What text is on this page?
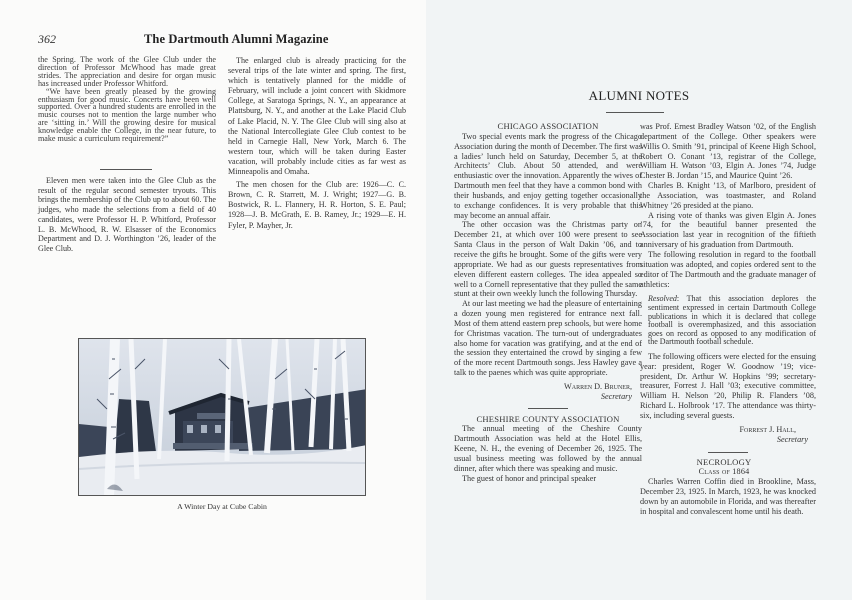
362	The Dartmouth Alumni Magazine

the Spring. The work of the Glee Club under the direction of Professor McWhood has made great strides. The appreciation and desire for organ music has increased under Professor Whitford.

“We have been greatly pleased by the growing enthusiasm for good music. Concerts have been well supported. Over a hundred students are enrolled in the music courses not to mention the large number who are ‘sitting in.’ Will the growing desire for musical knowledge enable the College, in the near future, to make music a curriculum requirement?”

Eleven men were taken into the Glee Club as the result of the regular second semester tryouts. This brings the membership of the Club up to about 60. The judges, who made the selections from a field of 40 candidates, were Professor H. P. Whitford, Professor L. B. McWhood, R. W. Elsasser of the Economics Department and D. J. Worthington ’26, leader of the Glee Club.

The enlarged club is already practicing for the several trips of the late winter and spring. The first, which is tentatively planned for the middle of February, will include a joint concert with Skidmore College, at Saratoga Springs, N. Y., an appearance at Plattsburg, N. Y., and another at the Lake Placid Club of Lake Placid, N. Y. The Glee Club will sing also at the National Intercollegiate Glee Club contest to be held in Carnegie Hall, New York, March 6. The western tour, which will be taken during Easter vacation, will probably include cities as far west as Minneapolis and Omaha.

The men chosen for the Club are: 1926—C. C. Brown, C. R. Starrett, M. J. Wright; 1927—G. B. Bostwick, R. L. Flannery, H. R. Horton, S. E. Paul; 1928—J. B. McGrath, E. B. Ramey, Jr.; 1929—E. H. Fyler, P. Mayher, Jr.

A Winter Day at Cube Cabin
ALUMNI NOTES

CHICAGO ASSOCIATION

Two special events mark the progress of the Chicago Association during the month of December. The first was a ladies’ lunch held on Saturday, December 5, at the Architects’ Club. About 50 attended, and were enthusiastic over the innovation. Apparently the wives of Dartmouth men feel that they have a common bond with their husbands, and enjoy getting together occasionally to exchange confidences. It is very probable that this may become an annual affair.

The other occasion was the Christmas party on December 21, at which over 100 were present to see Santa Claus in the person of Walt Dakin ’06, and to receive the gifts he brought. Some of the gifts were very appropriate. We had as our guests representatives from eleven different eastern colleges. The idea appealed so well to a Cornell representative that they pulled the same stunt at their own weekly lunch the following Thursday.

At our last meeting we had the pleasure of entertaining a dozen young men registered for entrance next fall. Most of them attend eastern prep schools, but were home for Christmas vacation. The turn-out of undergraduates also home for vacation was gratifying, and at the end of the session they entertained the crowd by singing a few of the more recent Dartmouth songs. Jess Hawley gave a talk to the paenes which was quite appropriate.

Warren D. Bruner,

Secretary

CHESHIRE COUNTY ASSOCIATION

The annual meeting of the Cheshire County Dartmouth Association was held at the Hotel Ellis, Keene, N. H., the evening of December 26, 1925. The usual business meeting was followed by the annual dinner, after which there was speaking and music.

The guest of honor and principal speaker

was Prof. Ernest Bradley Watson ’02, of the English department of the College. Other speakers were Willis O. Smith ’91, principal of Keene High School, Robert O. Conant ’13, registrar of the College, William H. Watson ’03, Elgin A. Jones ’74, Judge Chester B. Jordan ’15, and Maurice Quint ’26.

Charles B. Knight ’13, of Marlboro, president of the Association, was toastmaster, and Roland Whitney ’26 presided at the piano.

A rising vote of thanks was given Elgin A. Jones ’74, for the beautiful banner presented the Association last year in recognition of the fiftieth anniversary of his graduation from Dartmouth.

The following resolution in regard to the football situation was adopted, and copies ordered sent to the editor of The Dartmouth and the graduate manager of athletics:

Resolved: That this association deplores the sentiment expressed in certain Dartmouth College publications in which it is declared that college football is overemphasized, and this association goes on record as opposed to any modification of the Dartmouth football schedule.

The following officers were elected for the ensuing year: president, Roger W. Goodnow ’19; vice-president, Dr. Arthur W. Hopkins ’99; secretary-treasurer, Forrest J. Hall ’03; executive committee, William H. Nelson ’20, Philip R. Flanders ’08, Richard L. Holbrook ’17. The attendance was thirty-six, including several guests.

Forrest J. Hall,

Secretary

NECROLOGY

Class of 1864

Charles Warren Coffin died in Brookline, Mass, December 23, 1925. In March, 1923, he was knocked down by an automobile in Florida, and was thereafter in hospital and convalescent home until his death.
